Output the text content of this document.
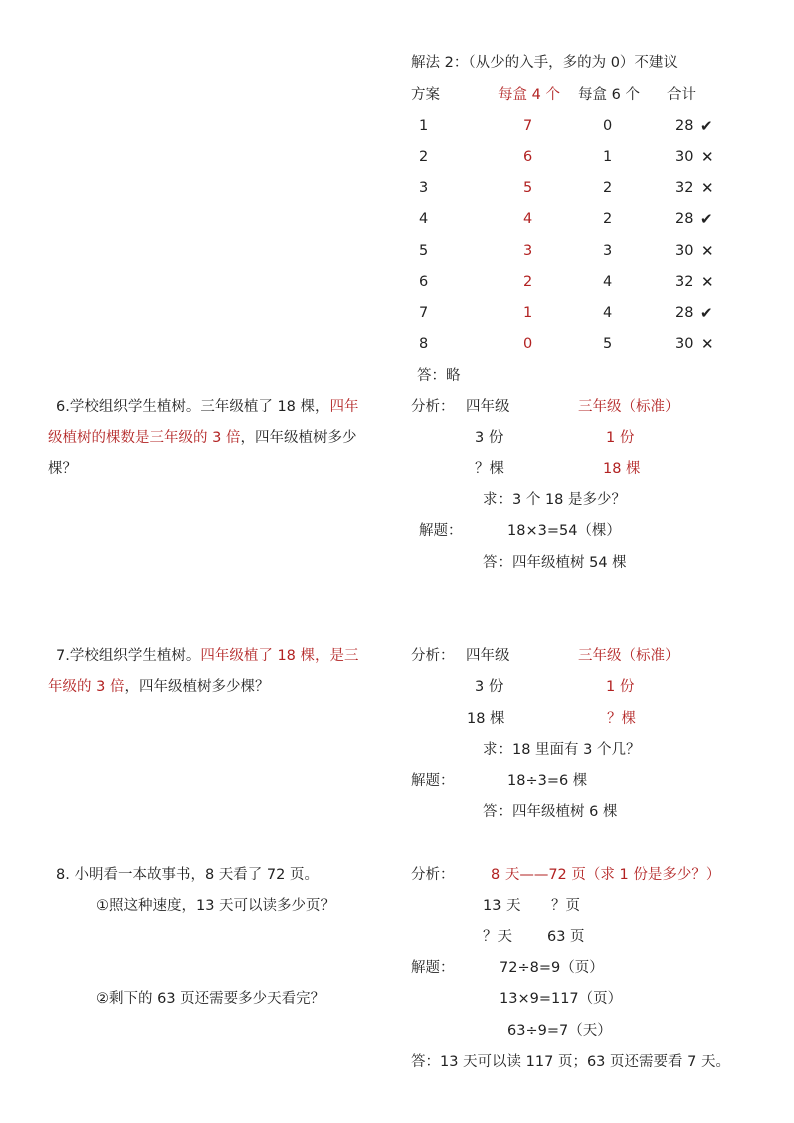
解法 2：（从少的入手，多的为 0）不建议
方案	每盒 4 个 每盒 6 个 合计
1	7	0	28 ✔
2	6	1	30 ✕
3	5	2	32 ✕
4	4	2	28 ✔
5	3	3	30 ✕
6	2	4	32 ✕
7	1	4	28 ✔
8	0	5	30 ✕
答：略
6.学校组织学生植树。三年级植了 18 棵，四年
级植树的棵数是三年级的 3 倍，四年级植树多少
棵？
分析： 四年级	三年级（标准）
3 份	1 份
？棵	18 棵
求：3 个 18 是多少？
解题：	18×3=54（棵）
答：四年级植树 54 棵
7.学校组织学生植树。四年级植了 18 棵，是三
年级的 3 倍，四年级植树多少棵？
分析： 四年级	三年级（标准）
3 份	1 份
18 棵	？棵
求：18 里面有 3 个几？
解题：	18÷3=6 棵
答：四年级植树 6 棵
8. 小明看一本故事书，8 天看了 72 页。
①照这种速度，13 天可以读多少页？
②剩下的 63 页还需要多少天看完？
分析：	8 天——72 页（求 1 份是多少？）
13 天 ？页
？天 63 页
解题：	72÷8=9（页）
13×9=117（页）
63÷9=7（天）
答：13 天可以读 117 页；63 页还需要看 7 天。
